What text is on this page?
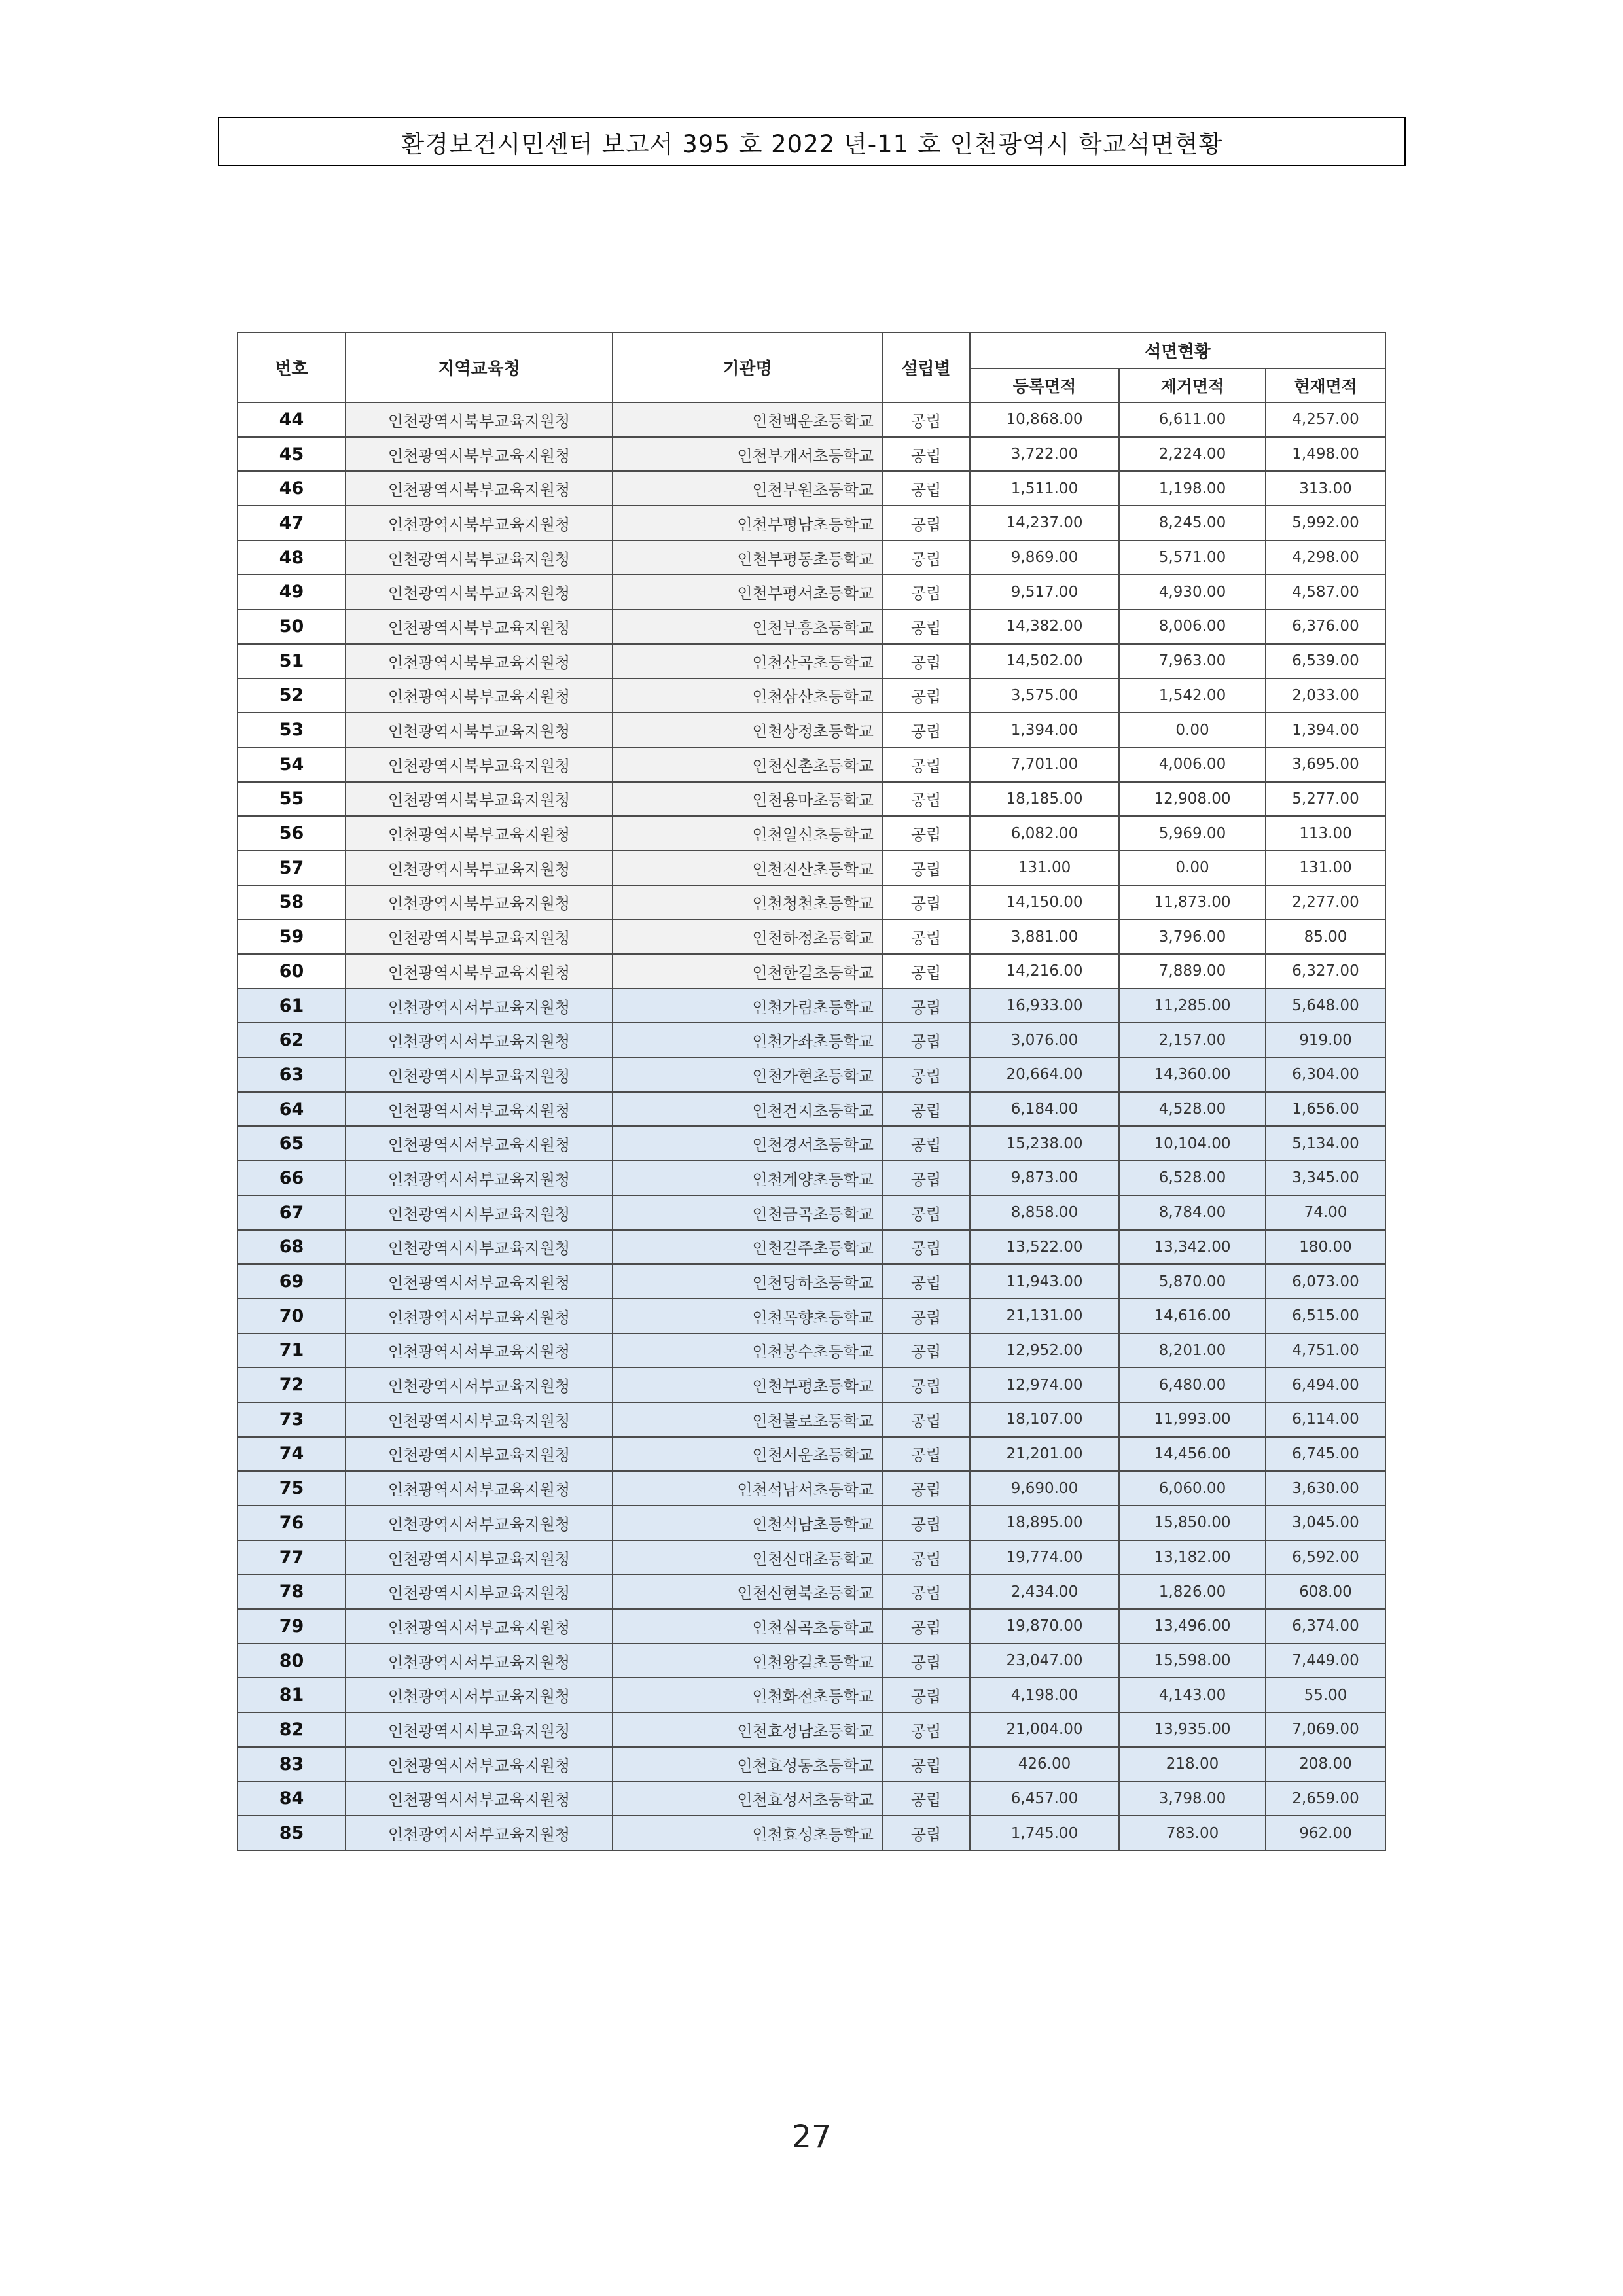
환경보건시민센터 보고서 395 호 2022 년-11 호 인천광역시 학교석면현황
번호	지역교육청	기관명	설립별	석면현황		
				등록면적	제거면적	현재면적
44	인천광역시북부교육지원청	인천백운초등학교	공립	10,868.00	6,611.00	4,257.00
45	인천광역시북부교육지원청	인천부개서초등학교	공립	3,722.00	2,224.00	1,498.00
46	인천광역시북부교육지원청	인천부원초등학교	공립	1,511.00	1,198.00	313.00
47	인천광역시북부교육지원청	인천부평남초등학교	공립	14,237.00	8,245.00	5,992.00
48	인천광역시북부교육지원청	인천부평동초등학교	공립	9,869.00	5,571.00	4,298.00
49	인천광역시북부교육지원청	인천부평서초등학교	공립	9,517.00	4,930.00	4,587.00
50	인천광역시북부교육지원청	인천부흥초등학교	공립	14,382.00	8,006.00	6,376.00
51	인천광역시북부교육지원청	인천산곡초등학교	공립	14,502.00	7,963.00	6,539.00
52	인천광역시북부교육지원청	인천삼산초등학교	공립	3,575.00	1,542.00	2,033.00
53	인천광역시북부교육지원청	인천상정초등학교	공립	1,394.00	0.00	1,394.00
54	인천광역시북부교육지원청	인천신촌초등학교	공립	7,701.00	4,006.00	3,695.00
55	인천광역시북부교육지원청	인천용마초등학교	공립	18,185.00	12,908.00	5,277.00
56	인천광역시북부교육지원청	인천일신초등학교	공립	6,082.00	5,969.00	113.00
57	인천광역시북부교육지원청	인천진산초등학교	공립	131.00	0.00	131.00
58	인천광역시북부교육지원청	인천청천초등학교	공립	14,150.00	11,873.00	2,277.00
59	인천광역시북부교육지원청	인천하정초등학교	공립	3,881.00	3,796.00	85.00
60	인천광역시북부교육지원청	인천한길초등학교	공립	14,216.00	7,889.00	6,327.00
61	인천광역시서부교육지원청	인천가림초등학교	공립	16,933.00	11,285.00	5,648.00
62	인천광역시서부교육지원청	인천가좌초등학교	공립	3,076.00	2,157.00	919.00
63	인천광역시서부교육지원청	인천가현초등학교	공립	20,664.00	14,360.00	6,304.00
64	인천광역시서부교육지원청	인천건지초등학교	공립	6,184.00	4,528.00	1,656.00
65	인천광역시서부교육지원청	인천경서초등학교	공립	15,238.00	10,104.00	5,134.00
66	인천광역시서부교육지원청	인천계양초등학교	공립	9,873.00	6,528.00	3,345.00
67	인천광역시서부교육지원청	인천금곡초등학교	공립	8,858.00	8,784.00	74.00
68	인천광역시서부교육지원청	인천길주초등학교	공립	13,522.00	13,342.00	180.00
69	인천광역시서부교육지원청	인천당하초등학교	공립	11,943.00	5,870.00	6,073.00
70	인천광역시서부교육지원청	인천목향초등학교	공립	21,131.00	14,616.00	6,515.00
71	인천광역시서부교육지원청	인천봉수초등학교	공립	12,952.00	8,201.00	4,751.00
72	인천광역시서부교육지원청	인천부평초등학교	공립	12,974.00	6,480.00	6,494.00
73	인천광역시서부교육지원청	인천불로초등학교	공립	18,107.00	11,993.00	6,114.00
74	인천광역시서부교육지원청	인천서운초등학교	공립	21,201.00	14,456.00	6,745.00
75	인천광역시서부교육지원청	인천석남서초등학교	공립	9,690.00	6,060.00	3,630.00
76	인천광역시서부교육지원청	인천석남초등학교	공립	18,895.00	15,850.00	3,045.00
77	인천광역시서부교육지원청	인천신대초등학교	공립	19,774.00	13,182.00	6,592.00
78	인천광역시서부교육지원청	인천신현북초등학교	공립	2,434.00	1,826.00	608.00
79	인천광역시서부교육지원청	인천심곡초등학교	공립	19,870.00	13,496.00	6,374.00
80	인천광역시서부교육지원청	인천왕길초등학교	공립	23,047.00	15,598.00	7,449.00
81	인천광역시서부교육지원청	인천화전초등학교	공립	4,198.00	4,143.00	55.00
82	인천광역시서부교육지원청	인천효성남초등학교	공립	21,004.00	13,935.00	7,069.00
83	인천광역시서부교육지원청	인천효성동초등학교	공립	426.00	218.00	208.00
84	인천광역시서부교육지원청	인천효성서초등학교	공립	6,457.00	3,798.00	2,659.00
85	인천광역시서부교육지원청	인천효성초등학교	공립	1,745.00	783.00	962.00
27
